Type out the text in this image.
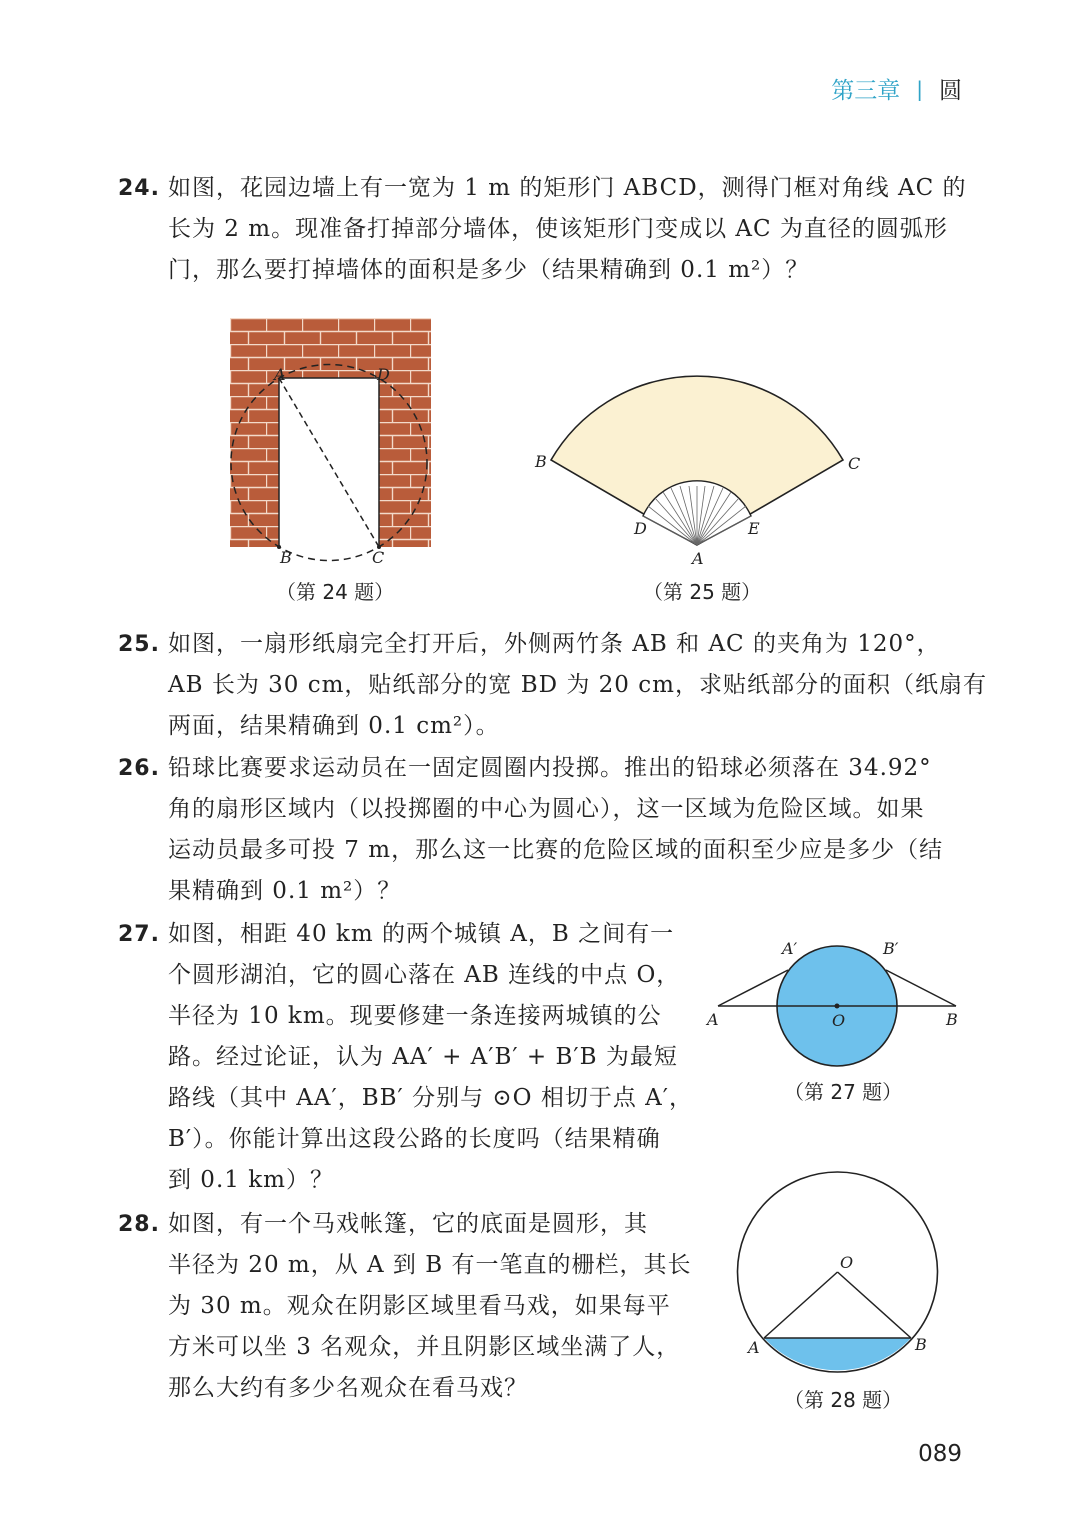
第三章 | 圆
24. 如图，花园边墙上有一宽为 1 m 的矩形门 ABCD，测得门框对角线 AC 的
长为 2 m。现准备打掉部分墙体，使该矩形门变成以 AC 为直径的圆弧形
门，那么要打掉墙体的面积是多少（结果精确到 0.1 m²）？
A	D
B	C
（第 24 题）
B	C
D	E
A
（第 25 题）
25. 如图，一扇形纸扇完全打开后，外侧两竹条 AB 和 AC 的夹角为 120°，
AB 长为 30 cm，贴纸部分的宽 BD 为 20 cm，求贴纸部分的面积（纸扇有
两面，结果精确到 0.1 cm²）。
26. 铅球比赛要求运动员在一固定圆圈内投掷。推出的铅球必须落在 34.92°
角的扇形区域内（以投掷圈的中心为圆心），这一区域为危险区域。如果
运动员最多可投 7 m，那么这一比赛的危险区域的面积至少应是多少（结
果精确到 0.1 m²）？
27. 如图，相距 40 km 的两个城镇 A，B 之间有一
个圆形湖泊，它的圆心落在 AB 连线的中点 O，
半径为 10 km。现要修建一条连接两城镇的公
路。经过论证，认为 AA′ + A′B′ + B′B 为最短
路线（其中 AA′，BB′ 分别与 ⊙O 相切于点 A′，
B′）。你能计算出这段公路的长度吗（结果精确
到 0.1 km）？
A	B
A′	B′
O
（第 27 题）
28. 如图，有一个马戏帐篷，它的底面是圆形，其
半径为 20 m，从 A 到 B 有一笔直的栅栏，其长
为 30 m。观众在阴影区域里看马戏，如果每平
方米可以坐 3 名观众，并且阴影区域坐满了人，
那么大约有多少名观众在看马戏？
A	B
O
（第 28 题）
089
